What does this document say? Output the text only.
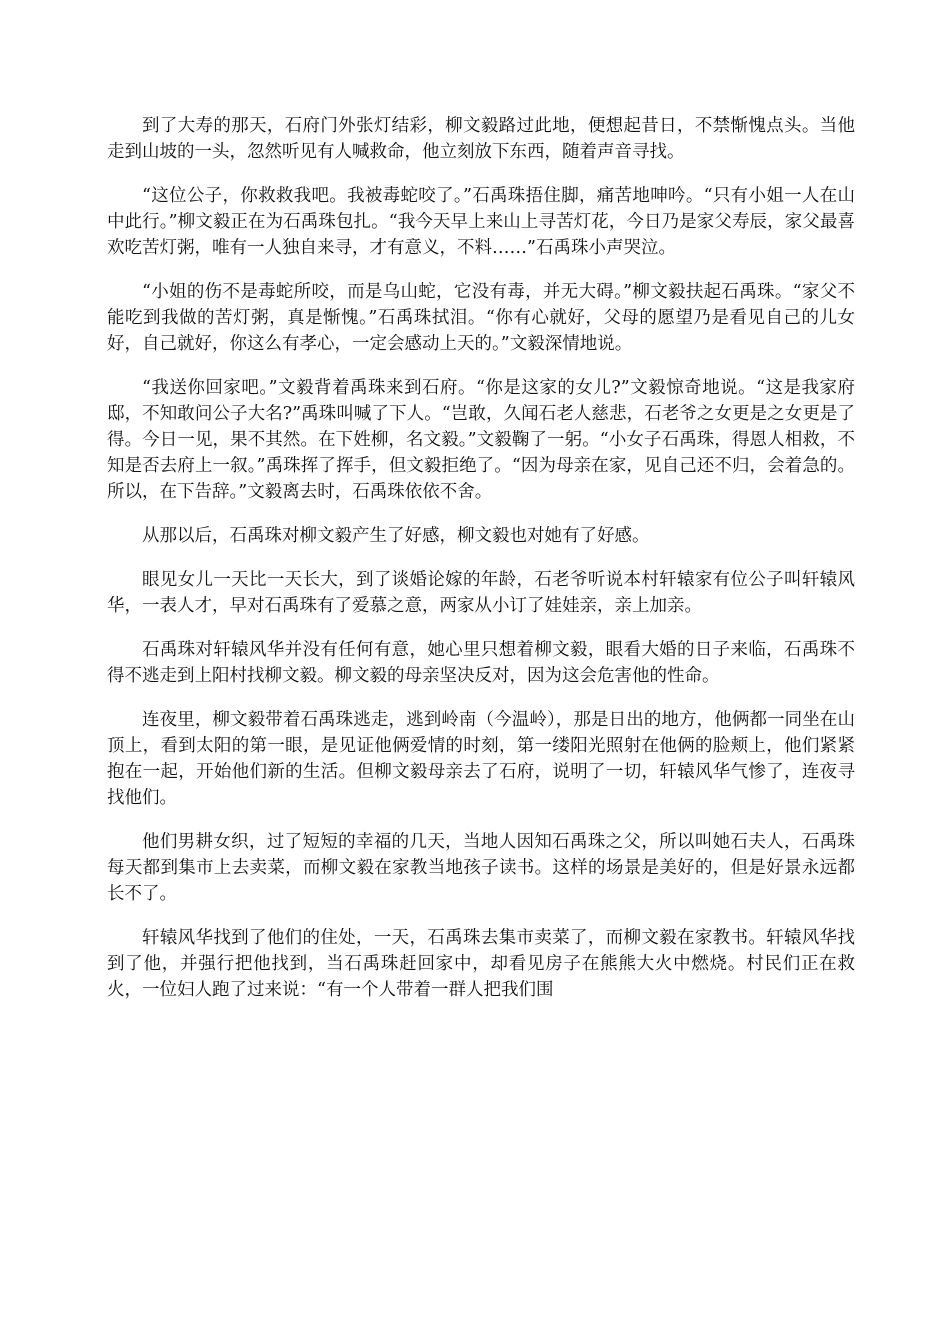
到了大寿的那天，石府门外张灯结彩，柳文毅路过此地，便想起昔日，不禁惭愧点头。当他走到山坡的一头，忽然听见有人喊救命，他立刻放下东西，随着声音寻找。

“这位公子，你救救我吧。我被毒蛇咬了。”石禹珠捂住脚，痛苦地呻吟。“只有小姐一人在山中此行。”柳文毅正在为石禹珠包扎。“我今天早上来山上寻苦灯花，今日乃是家父寿辰，家父最喜欢吃苦灯粥，唯有一人独自来寻，才有意义，不料……”石禹珠小声哭泣。

“小姐的伤不是毒蛇所咬，而是乌山蛇，它没有毒，并无大碍。”柳文毅扶起石禹珠。“家父不能吃到我做的苦灯粥，真是惭愧。”石禹珠拭泪。“你有心就好，父母的愿望乃是看见自己的儿女好，自己就好，你这么有孝心，一定会感动上天的。”文毅深情地说。

“我送你回家吧。”文毅背着禹珠来到石府。“你是这家的女儿?”文毅惊奇地说。“这是我家府邸，不知敢问公子大名?”禹珠叫喊了下人。“岂敢，久闻石老人慈悲，石老爷之女更是之女更是了得。今日一见，果不其然。在下姓柳，名文毅。”文毅鞠了一躬。“小女子石禹珠，得恩人相救，不知是否去府上一叙。”禹珠挥了挥手，但文毅拒绝了。“因为母亲在家，见自己还不归，会着急的。所以，在下告辞。”文毅离去时，石禹珠依依不舍。

从那以后，石禹珠对柳文毅产生了好感，柳文毅也对她有了好感。

眼见女儿一天比一天长大，到了谈婚论嫁的年龄，石老爷听说本村轩辕家有位公子叫轩辕风华，一表人才，早对石禹珠有了爱慕之意，两家从小订了娃娃亲，亲上加亲。

石禹珠对轩辕风华并没有任何有意，她心里只想着柳文毅，眼看大婚的日子来临，石禹珠不得不逃走到上阳村找柳文毅。柳文毅的母亲坚决反对，因为这会危害他的性命。

连夜里，柳文毅带着石禹珠逃走，逃到岭南（今温岭），那是日出的地方，他俩都一同坐在山顶上，看到太阳的第一眼，是见证他俩爱情的时刻，第一缕阳光照射在他俩的脸颊上，他们紧紧抱在一起，开始他们新的生活。但柳文毅母亲去了石府，说明了一切，轩辕风华气惨了，连夜寻找他们。

他们男耕女织，过了短短的幸福的几天，当地人因知石禹珠之父，所以叫她石夫人，石禹珠每天都到集市上去卖菜，而柳文毅在家教当地孩子读书。这样的场景是美好的，但是好景永远都长不了。

轩辕风华找到了他们的住处，一天，石禹珠去集市卖菜了，而柳文毅在家教书。轩辕风华找到了他，并强行把他找到，当石禹珠赶回家中，却看见房子在熊熊大火中燃烧。村民们正在救火，一位妇人跑了过来说：“有一个人带着一群人把我们围
